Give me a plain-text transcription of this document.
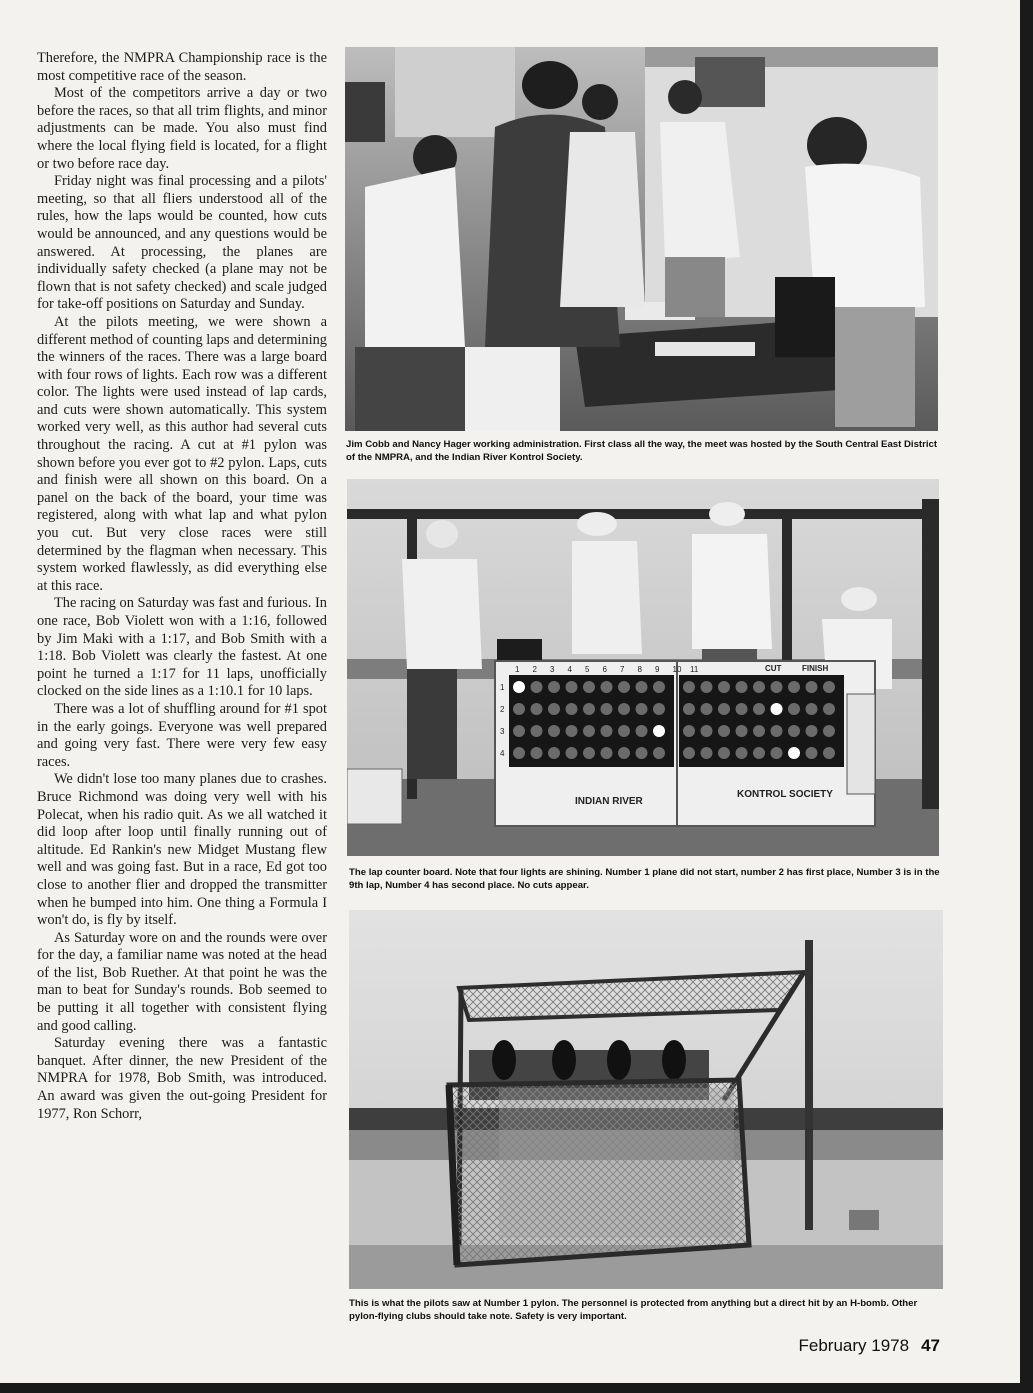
Therefore, the NMPRA Championship race is the most competitive race of the season.

Most of the competitors arrive a day or two before the races, so that all trim flights, and minor adjustments can be made. You also must find where the local flying field is located, for a flight or two before race day.

Friday night was final processing and a pilots' meeting, so that all fliers understood all of the rules, how the laps would be counted, how cuts would be announced, and any questions would be answered. At processing, the planes are individually safety checked (a plane may not be flown that is not safety checked) and scale judged for take-off positions on Saturday and Sunday.

At the pilots meeting, we were shown a different method of counting laps and determining the winners of the races. There was a large board with four rows of lights. Each row was a different color. The lights were used instead of lap cards, and cuts were shown automatically. This system worked very well, as this author had several cuts throughout the racing. A cut at #1 pylon was shown before you ever got to #2 pylon. Laps, cuts and finish were all shown on this board. On a panel on the back of the board, your time was registered, along with what lap and what pylon you cut. But very close races were still determined by the flagman when necessary. This system worked flawlessly, as did everything else at this race.

The racing on Saturday was fast and furious. In one race, Bob Violett won with a 1:16, followed by Jim Maki with a 1:17, and Bob Smith with a 1:18. Bob Violett was clearly the fastest. At one point he turned a 1:17 for 11 laps, unofficially clocked on the side lines as a 1:10.1 for 10 laps.

There was a lot of shuffling around for #1 spot in the early goings. Everyone was well prepared and going very fast. There were very few easy races.

We didn't lose too many planes due to crashes. Bruce Richmond was doing very well with his Polecat, when his radio quit. As we all watched it did loop after loop until finally running out of altitude. Ed Rankin's new Midget Mustang flew well and was going fast. But in a race, Ed got too close to another flier and dropped the transmitter when he bumped into him. One thing a Formula I won't do, is fly by itself.

As Saturday wore on and the rounds were over for the day, a familiar name was noted at the head of the list, Bob Ruether. At that point he was the man to beat for Sunday's rounds. Bob seemed to be putting it all together with consistent flying and good calling.

Saturday evening there was a fantastic banquet. After dinner, the new President of the NMPRA for 1978, Bob Smith, was introduced. An award was given the out-going President for 1977, Ron Schorr,

Jim Cobb and Nancy Hager working administration. First class all the way, the meet was hosted by the South Central East District of the NMPRA, and the Indian River Kontrol Society.
INDIAN RIVER
KONTROL SOCIETY
FINISH
CUT
1 2 3 4 5 6 7 8 9 10 11
1
2
3
4
The lap counter board. Note that four lights are shining. Number 1 plane did not start, number 2 has first place, Number 3 is in the 9th lap, Number 4 has second place. No cuts appear.
This is what the pilots saw at Number 1 pylon. The personnel is protected from anything but a direct hit by an H-bomb. Other pylon-flying clubs should take note. Safety is very important.
February 1978 47
